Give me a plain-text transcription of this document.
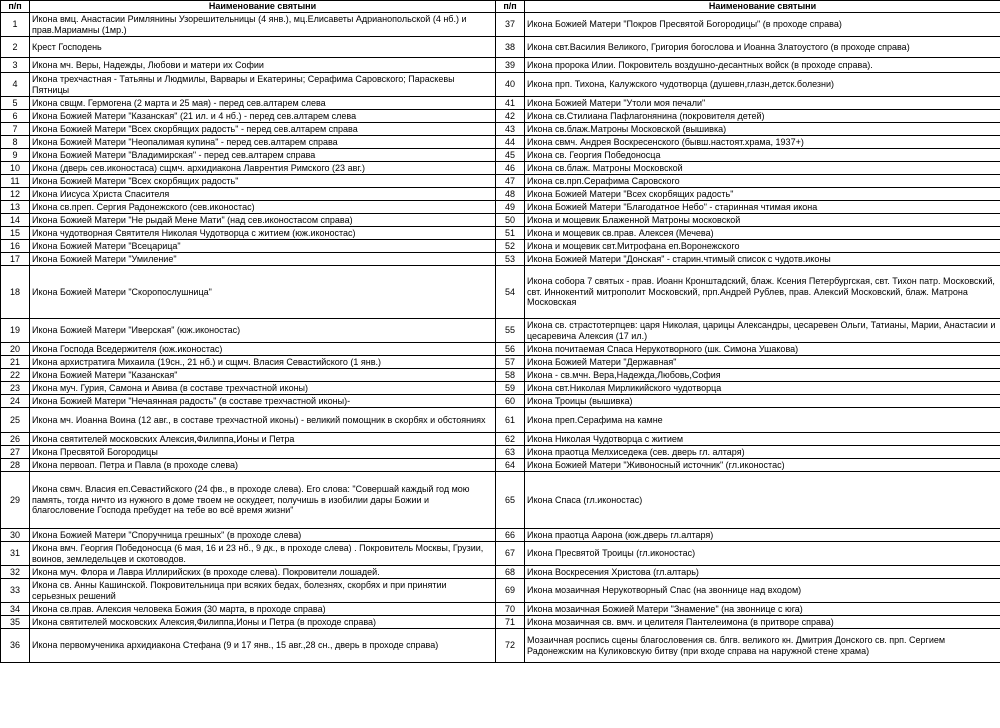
п/п	Наименование святыни	п/п	Наименование святыни
1	Икона вмц. Анастасии Римлянины Узорешительницы (4 янв.), мц.Елисаветы Адрианопольской (4 нб.) и прав.Мариамны (1мр.)	37	Икона Божией Матери "Покров Пресвятой Богородицы" (в проходе справа)
2	Крест Господень	38	Икона свт.Василия Великого, Григория богослова и Иоанна Златоустого (в проходе справа)
3	Икона мч. Веры, Надежды, Любови и матери их Софии	39	Икона пророка Илии. Покровитель воздушно-десантных войск (в проходе справа).
4	Икона трехчастная - Татьяны и Людмилы, Варвары и Екатерины; Серафима Саровского; Параскевы Пятницы	40	Икона прп. Тихона, Калужского чудотворца (душевн,глазн,детск.болезни)
5	Икона свщм. Гермогена (2 марта и 25 мая) - перед сев.алтарем слева	41	Икона Божией Матери "Утоли моя печали"
6	Икона Божией Матери "Казанская" (21 ил. и 4 нб.) - перед сев.алтарем слева	42	Икона св.Стилиана Пафлагонянина (покровителя детей)
7	Икона Божией Матери "Всех скорбящих радость" - перед сев.алтарем справа	43	Икона св.блаж.Матроны Московской (вышивка)
8	Икона Божией Матери "Неопалимая купина" - перед сев.алтарем справа	44	Икона свмч. Андрея Воскресенского (бывш.настоят.храма, 1937+)
9	Икона Божией Матери "Владимирская" - перед сев.алтарем справа	45	Икона св. Георгия Победоносца
10	Икона (дверь сев.иконостаса) сщмч. архидиакона Лаврентия Римского (23 авг.)	46	Икона св.блаж. Матроны Московской
11	Икона Божией Матери "Всех скорбящих радость"	47	Икона св.прп.Серафима Саровского
12	Икона Иисуса Христа Спасителя	48	Икона Божией Матери "Всех скорбящих радость"
13	Икона св.преп. Сергия Радонежского (сев.иконостас)	49	Икона Божией Матери "Благодатное Небо" - старинная чтимая икона
14	Икона Божией Матери "Не рыдай Мене Мати" (над сев.иконостасом справа)	50	Икона и мощевик Блаженной Матроны московской
15	Икона чудотворная Святителя Николая Чудотворца с житием (юж.иконостас)	51	Икона и мощевик св.прав. Алексея (Мечева)
16	Икона Божией Матери "Всецарица"	52	Икона и мощевик свт.Митрофана еп.Воронежского
17	Икона Божией Матери "Умиление"	53	Икона Божией Матери "Донская" - старин.чтимый список с чудотв.иконы
18	Икона Божией Матери "Скоропослушница"	54	Икона собора 7 святых - прав. Иоанн Кронштадский, блаж. Ксения Петербургская, свт. Тихон патр. Московский, свт. Иннокентий митрополит Московский, прп.Андрей Рублев, прав. Алексий Московский, блаж. Матрона Московская
19	Икона Божией Матери "Иверская" (юж.иконостас)	55	Икона св. страстотерпцев: царя Николая, царицы Александры, цесаревен Ольги, Татианы, Марии, Анастасии и цесаревича Алексия (17 ил.)
20	Икона Господа Вседержителя (юж.иконостас)	56	Икона почитаемая Спаса Нерукотворного (шк. Симона Ушакова)
21	Икона архистратига Михаила (19сн., 21 нб.) и сщмч. Власия Севастийского (1 янв.)	57	Икона Божией Матери "Державная"
22	Икона Божией Матери "Казанская"	58	Икона - св.мчн. Вера,Надежда,Любовь,София
23	Икона муч. Гурия, Самона и Авива (в составе трехчастной иконы)	59	Икона свт.Николая Мирликийского чудотворца
24	Икона Божией Матери "Нечаянная радость" (в составе трехчастной иконы)-	60	Икона Троицы (вышивка)
25	Икона мч. Иоанна Воина (12 авг., в составе трехчастной иконы) - великий помощник в скорбях и обстояниях	61	Икона преп.Серафима на камне
26	Икона святителей московских Алексия,Филиппа,Ионы и Петра	62	Икона Николая Чудотворца с житием
27	Икона Пресвятой Богородицы	63	Икона праотца Мелхиседека (сев. дверь гл. алтаря)
28	Икона первоап. Петра и Павла (в проходе слева)	64	Икона Божией Матери "Живоносный источник" (гл.иконостас)
29	Икона свмч. Власия еп.Севастийского (24 фв., в проходе слева). Его слова: "Совершай каждый год мою память, тогда ничто из нужного в доме твоем не оскудеет, получишь в изобилии дары Божии и благословение Господа пребудет на тебе во всё время жизни"	65	Икона Спаса (гл.иконостас)
30	Икона Божией Матери "Споручница грешных" (в проходе слева)	66	Икона праотца Аарона (юж.дверь гл.алтаря)
31	Икона вмч. Георгия Победоносца (6 мая, 16 и 23 нб., 9 дк., в проходе слева) . Покровитель Москвы, Грузии, воинов, земледельцев и скотоводов.	67	Икона Пресвятой Троицы (гл.иконостас)
32	Икона муч. Флора и Лавра Иллирийских (в проходе слева). Покровители лошадей.	68	Икона Воскресения Христова (гл.алтарь)
33	Икона св. Анны Кашинской. Покровительница при всяких бедах, болезнях, скорбях и при принятии серьезных решений	69	Икона мозаичная Нерукотворный Спас (на звоннице над входом)
34	Икона св.прав. Алексия человека Божия (30 марта, в проходе справа)	70	Икона мозаичная Божией Матери "Знамение" (на звоннице с юга)
35	Икона святителей московских Алексия,Филиппа,Ионы и Петра (в проходе справа)	71	Икона мозаичная св. вмч. и целителя Пантелеимона (в притворе справа)
36	Икона первомученика архидиакона Стефана (9 и 17 янв., 15 авг.,28 сн., дверь в проходе справа)	72	Мозаичная роспись сцены благословения св. блгв. великого кн. Дмитрия Донского св. прп. Сергием Радонежским на Куликовскую битву (при входе справа на наружной стене храма)
